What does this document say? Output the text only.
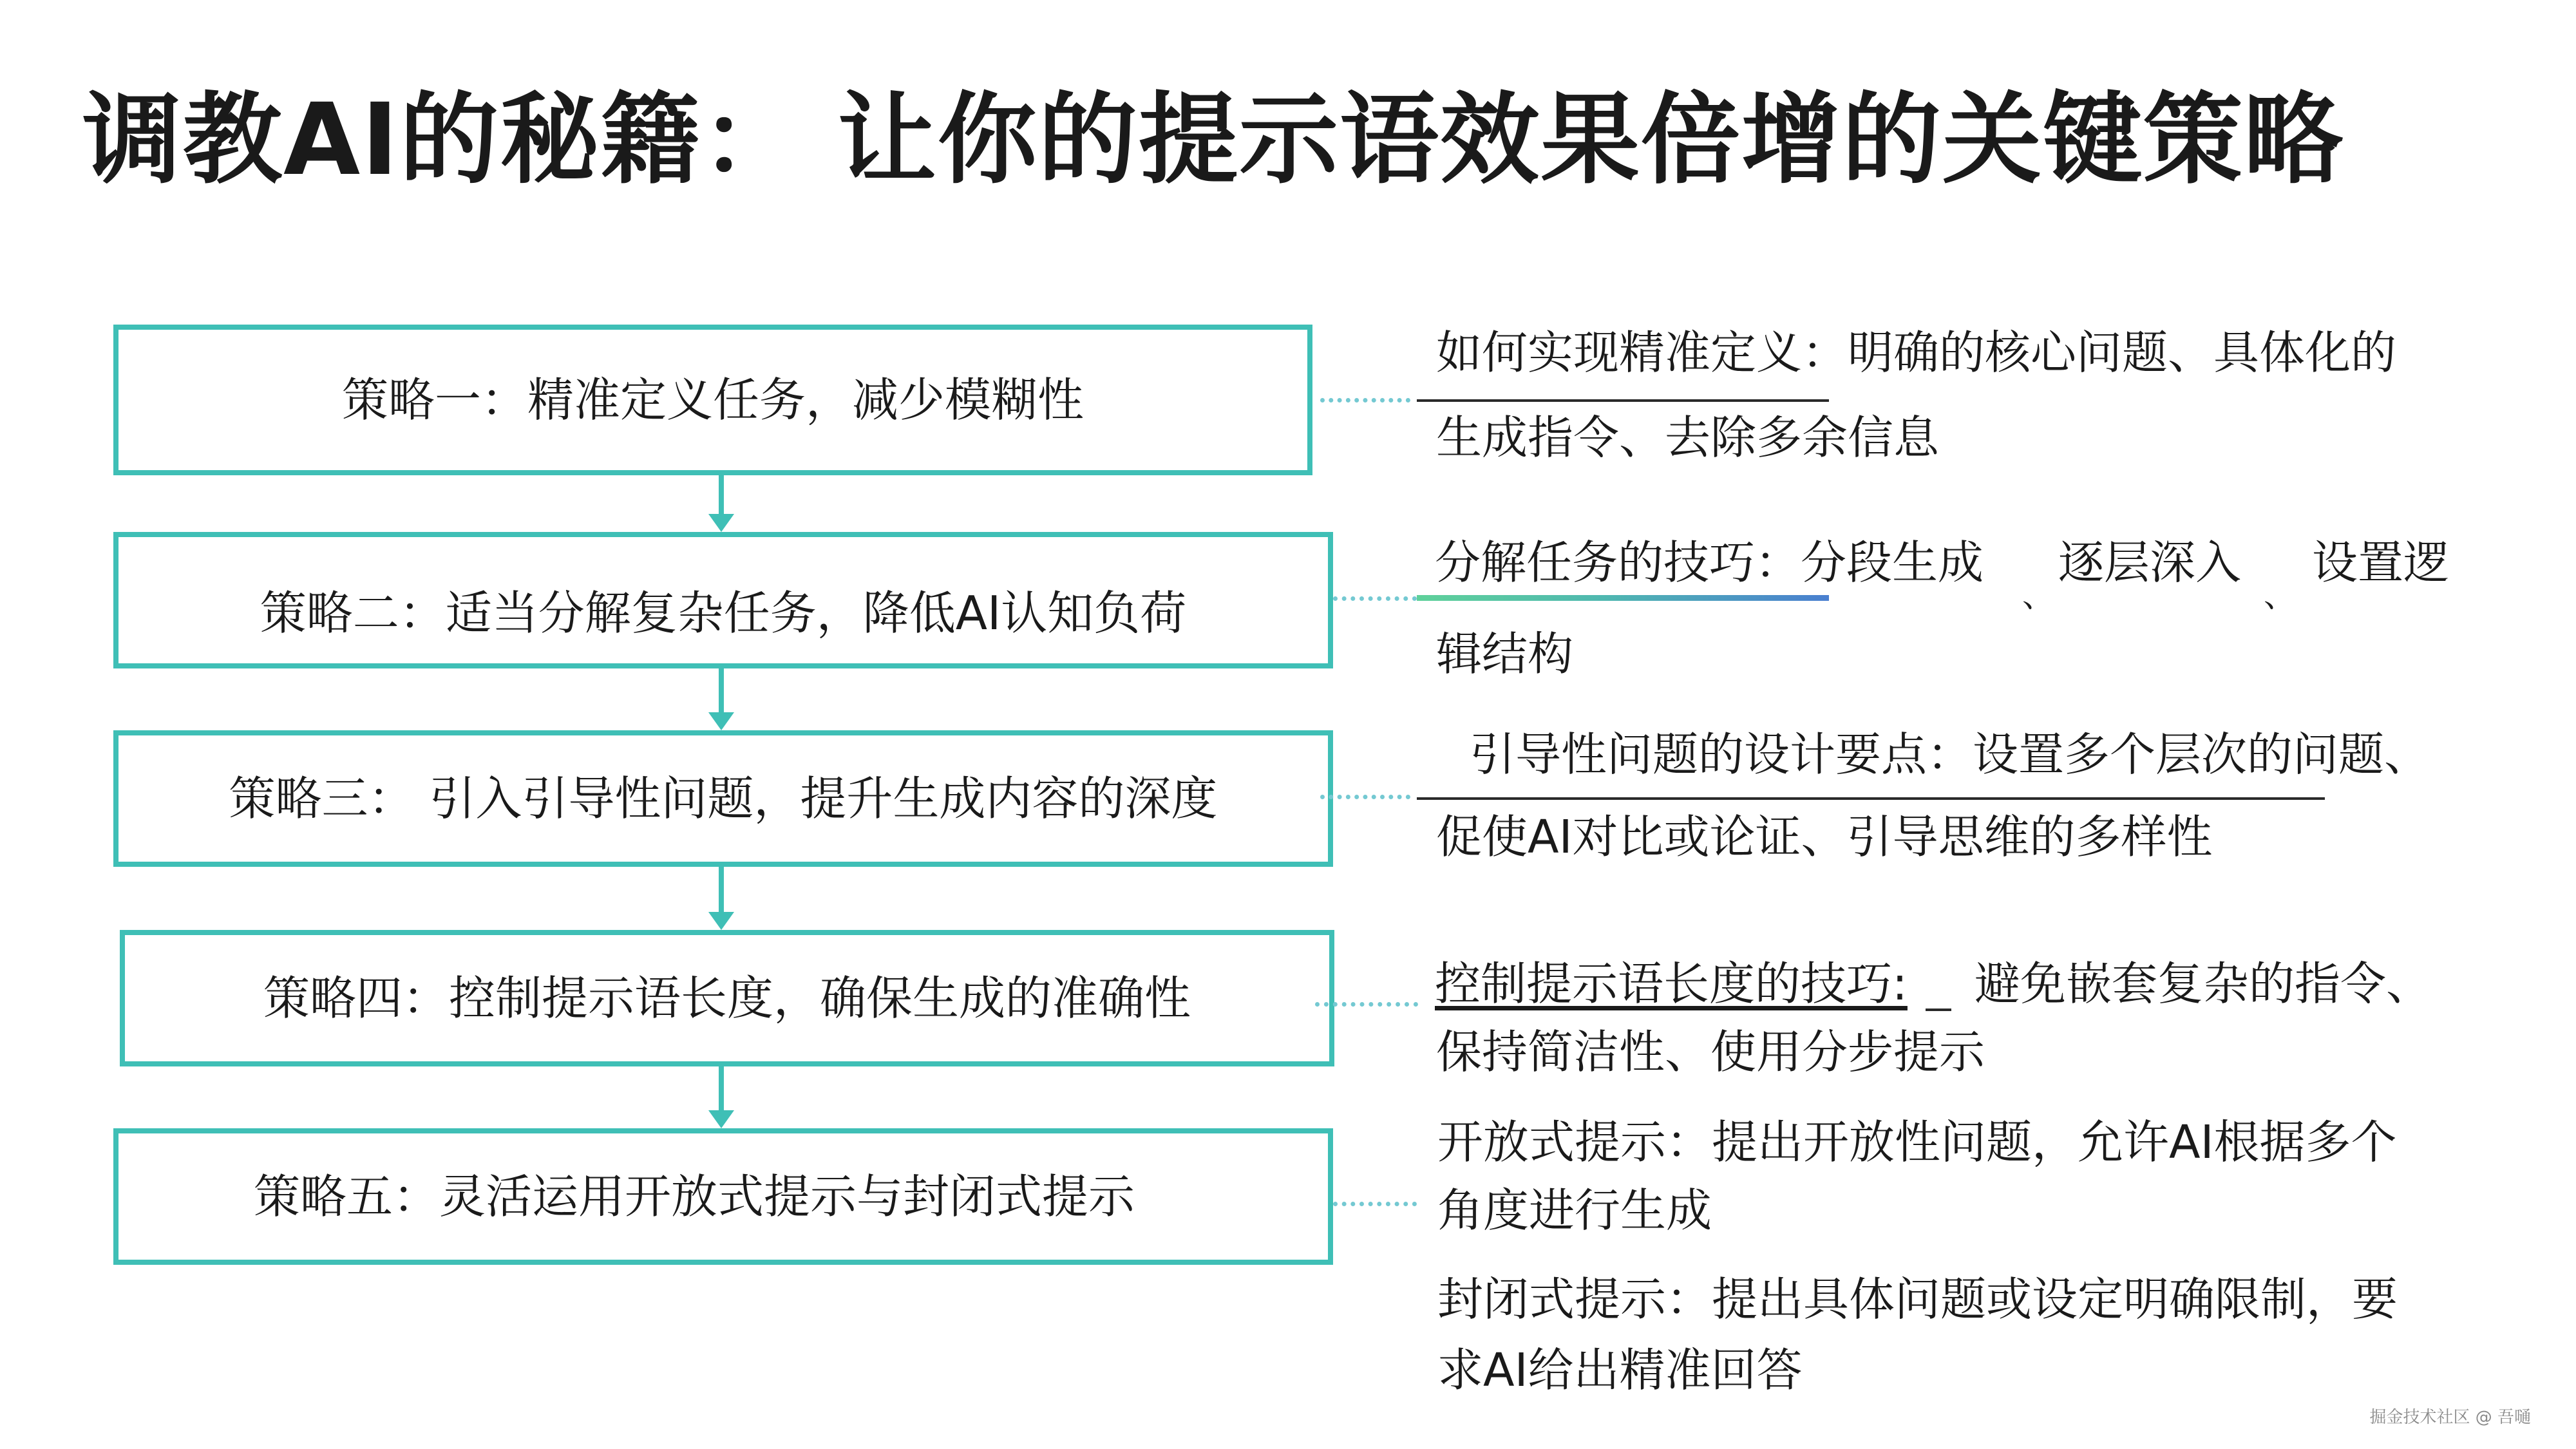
调教AI的秘籍： 让你的提示语效果倍增的关键策略
策略一：精准定义任务，减少模糊性
策略二：适当分解复杂任务，降低AI认知负荷
策略三： 引入引导性问题，提升生成内容的深度
策略四：控制提示语长度，确保生成的准确性
策略五：灵活运用开放式提示与封闭式提示
如何实现精准定义：明确的核心问题、具体化的
生成指令、去除多余信息
分解任务的技巧：分段生成 逐层深入 设置逻
、	、
辑结构
引导性问题的设计要点：设置多个层次的问题、
促使AI对比或论证、引导思维的多样性
控制提示语长度的技巧: 避免嵌套复杂的指令、
保持简洁性、使用分步提示
开放式提示：提出开放性问题，允许AI根据多个
角度进行生成
封闭式提示：提出具体问题或设定明确限制，要
求AI给出精准回答
掘金技术社区 @ 吾嗵
